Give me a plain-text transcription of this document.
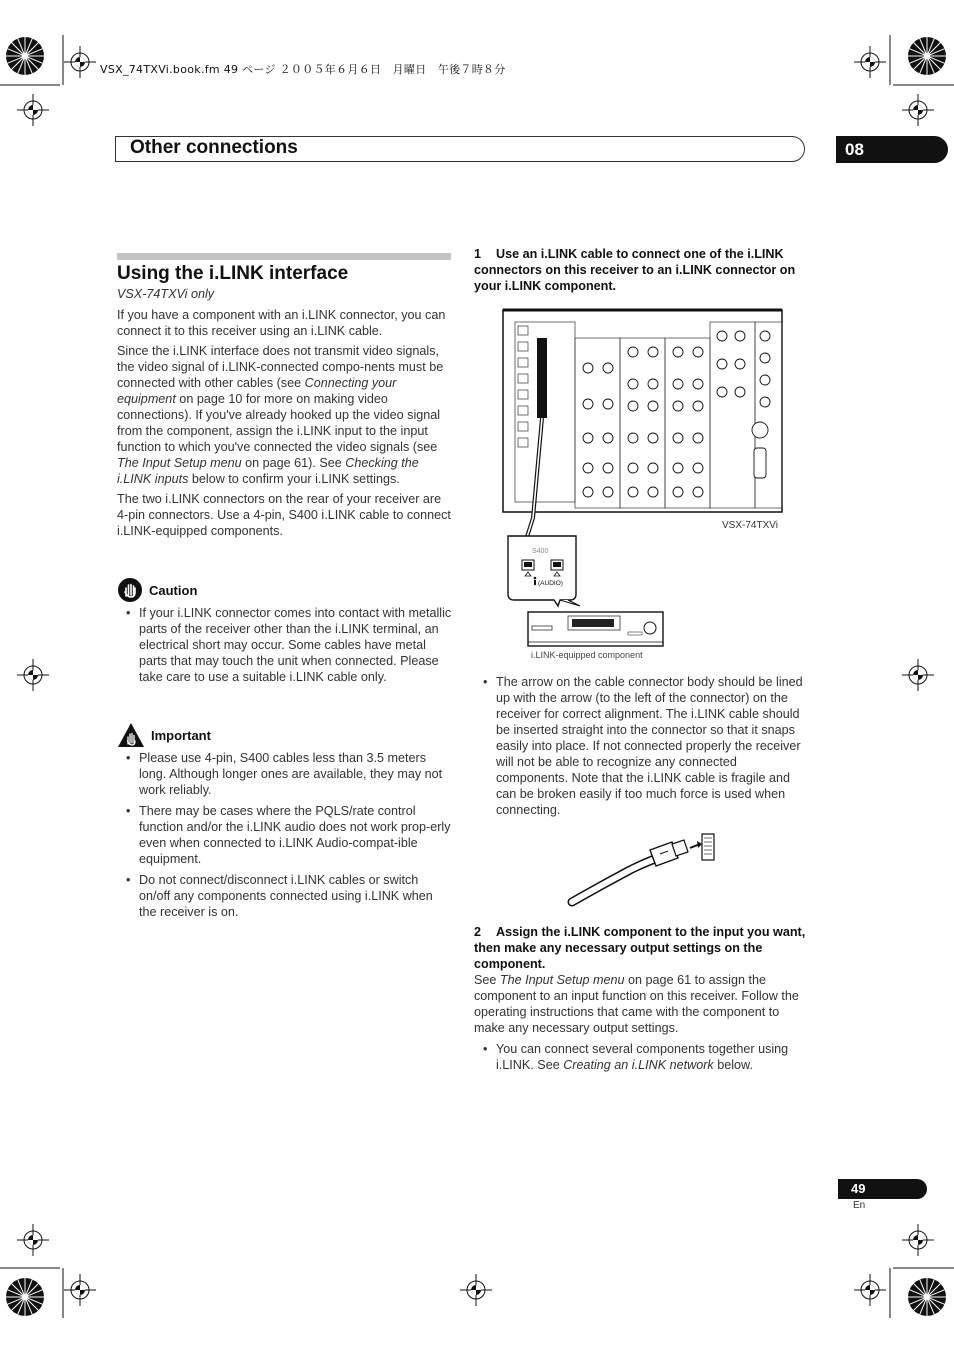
VSX_74TXVi.book.fm 49 ページ ２００５年６月６日　月曜日　午後７時８分
Other connections	08
Using the i.LINK interface
VSX-74TXVi only

If you have a component with an i.LINK connector, you can connect it to this receiver using an i.LINK cable.

Since the i.LINK interface does not transmit video signals, the video signal of i.LINK-connected compo-nents must be connected with other cables (see Connecting your equipment on page 10 for more on making video connections). If you've already hooked up the video signal from the component, assign the i.LINK input to the input function to which you've connected the video signals (see The Input Setup menu on page 61). See Checking the i.LINK inputs below to confirm your i.LINK settings.

The two i.LINK connectors on the rear of your receiver are 4-pin connectors. Use a 4-pin, S400 i.LINK cable to connect i.LINK-equipped components.

Caution

• If your i.LINK connector comes into contact with metallic parts of the receiver other than the i.LINK terminal, an electrical short may occur. Some cables have metal parts that may touch the unit when connected. Please take care to use a suitable i.LINK cable only.

Important

• Please use 4-pin, S400 cables less than 3.5 meters long. Although longer ones are available, they may not work reliably.

• There may be cases where the PQLS/rate control function and/or the i.LINK audio does not work prop-erly even when connected to i.LINK Audio-compat-ible equipment.

• Do not connect/disconnect i.LINK cables or switch on/off any components connected using i.LINK when the receiver is on.

1 Use an i.LINK cable to connect one of the i.LINK connectors on this receiver to an i.LINK connector on your i.LINK component.
S400
(AUDIO)
VSX-74TXVi
i.LINK-equipped component

• The arrow on the cable connector body should be lined up with the arrow (to the left of the connector) on the receiver for correct alignment. The i.LINK cable should be inserted straight into the connector so that it snaps easily into place. If not connected properly the receiver will not be able to recognize any connected components. Note that the i.LINK cable is fragile and can be broken easily if too much force is used when connecting.

2 Assign the i.LINK component to the input you want, then make any necessary output settings on the component.

See The Input Setup menu on page 61 to assign the component to an input function on this receiver. Follow the operating instructions that came with the component to make any necessary output settings.

• You can connect several components together using i.LINK. See Creating an i.LINK network below.

49
En
